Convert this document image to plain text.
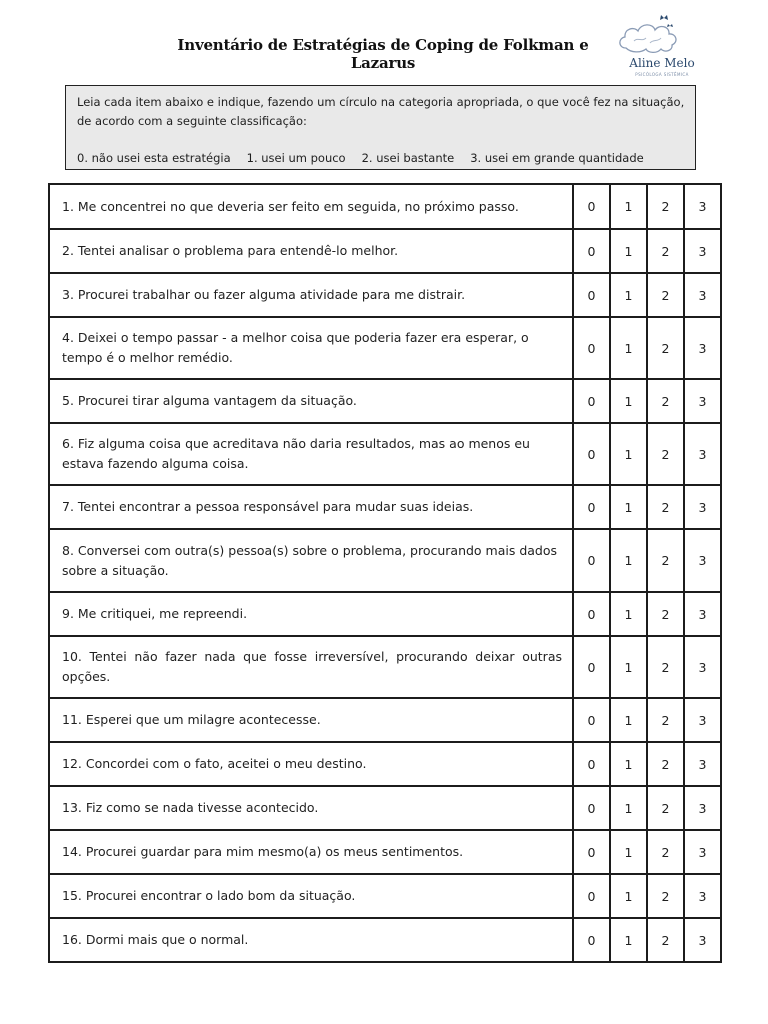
Inventário de Estratégias de Coping de Folkman e Lazarus	Aline Melo
PSICÓLOGA SISTÊMICA
Leia cada item abaixo e indique, fazendo um círculo na categoria apropriada, o que você fez na situação, de acordo com a seguinte classificação:
0. não usei esta estratégia 1. usei um pouco 2. usei bastante 3. usei em grande quantidade
1. Me concentrei no que deveria ser feito em seguida, no próximo passo.	0	1	2	3
2. Tentei analisar o problema para entendê-lo melhor.	0	1	2	3
3. Procurei trabalhar ou fazer alguma atividade para me distrair.	0	1	2	3
4. Deixei o tempo passar - a melhor coisa que poderia fazer era esperar, o tempo é o melhor remédio.	0	1	2	3
5. Procurei tirar alguma vantagem da situação.	0	1	2	3
6. Fiz alguma coisa que acreditava não daria resultados, mas ao menos eu estava fazendo alguma coisa.	0	1	2	3
7. Tentei encontrar a pessoa responsável para mudar suas ideias.	0	1	2	3
8. Conversei com outra(s) pessoa(s) sobre o problema, procurando mais dados sobre a situação.	0	1	2	3
9. Me critiquei, me repreendi.	0	1	2	3
10. Tentei não fazer nada que fosse irreversível, procurando deixar outras opções.	0	1	2	3
11. Esperei que um milagre acontecesse.	0	1	2	3
12. Concordei com o fato, aceitei o meu destino.	0	1	2	3
13. Fiz como se nada tivesse acontecido.	0	1	2	3
14. Procurei guardar para mim mesmo(a) os meus sentimentos.	0	1	2	3
15. Procurei encontrar o lado bom da situação.	0	1	2	3
16. Dormi mais que o normal.	0	1	2	3
